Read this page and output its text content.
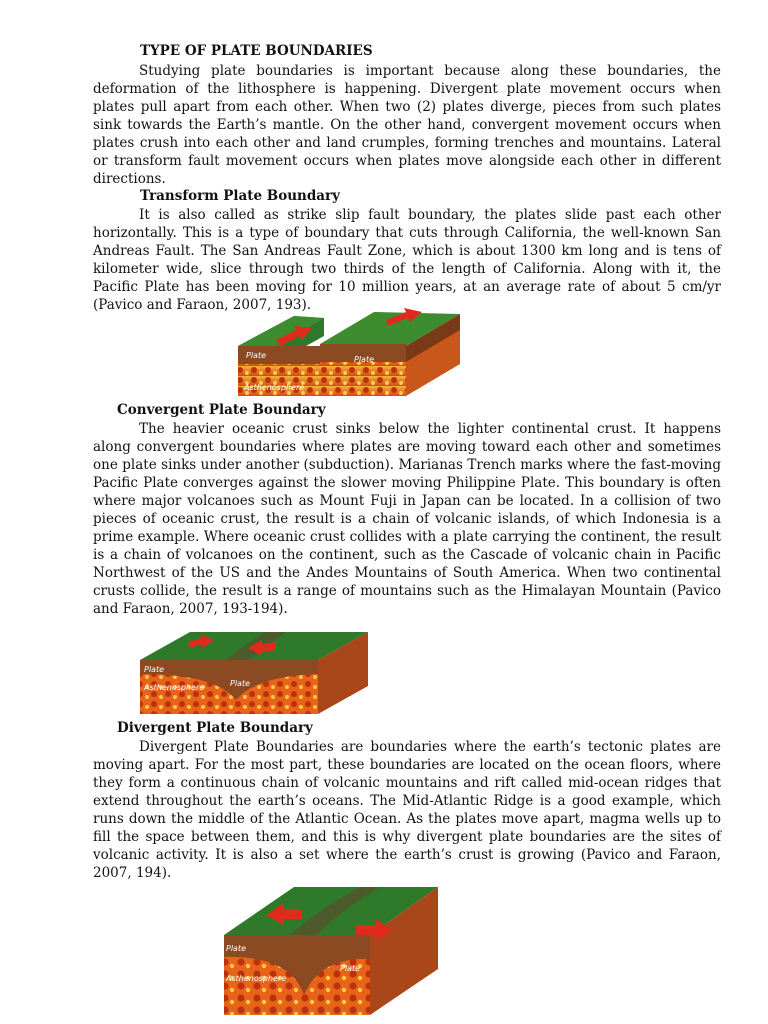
TYPE OF PLATE BOUNDARIES

Studying plate boundaries is important because along these boundaries, the deformation of the lithosphere is happening. Divergent plate movement occurs when plates pull apart from each other. When two (2) plates diverge, pieces from such plates sink towards the Earth’s mantle. On the other hand, convergent movement occurs when plates crush into each other and land crumples, forming trenches and mountains. Lateral or transform fault movement occurs when plates move alongside each other in different directions.

Transform Plate Boundary

It is also called as strike slip fault boundary, the plates slide past each other horizontally. This is a type of boundary that cuts through California, the well-known San Andreas Fault. The San Andreas Fault Zone, which is about 1300 km long and is tens of kilometer wide, slice through two thirds of the length of California. Along with it, the Pacific Plate has been moving for 10 million years, at an average rate of about 5 cm/yr (Pavico and Faraon, 2007, 193).

Plate	Plate
Asthenosphere
Convergent Plate Boundary

The heavier oceanic crust sinks below the lighter continental crust. It happens along convergent boundaries where plates are moving toward each other and sometimes one plate sinks under another (subduction). Marianas Trench marks where the fast-moving Pacific Plate converges against the slower moving Philippine Plate. This boundary is often where major volcanoes such as Mount Fuji in Japan can be located. In a collision of two pieces of oceanic crust, the result is a chain of volcanic islands, of which Indonesia is a prime example. Where oceanic crust collides with a plate carrying the continent, the result is a chain of volcanoes on the continent, such as the Cascade of volcanic chain in Pacific Northwest of the US and the Andes Mountains of South America. When two continental crusts collide, the result is a range of mountains such as the Himalayan Mountain (Pavico and Faraon, 2007, 193-194).

Plate
Plate
Asthenosphere
Divergent Plate Boundary

Divergent Plate Boundaries are boundaries where the earth’s tectonic plates are moving apart. For the most part, these boundaries are located on the ocean floors, where they form a continuous chain of volcanic mountains and rift called mid-ocean ridges that extend throughout the earth’s oceans. The Mid-Atlantic Ridge is a good example, which runs down the middle of the Atlantic Ocean. As the plates move apart, magma wells up to fill the space between them, and this is why divergent plate boundaries are the sites of volcanic activity. It is also a set where the earth’s crust is growing (Pavico and Faraon, 2007, 194).

Plate
Plate
Asthenosphere
